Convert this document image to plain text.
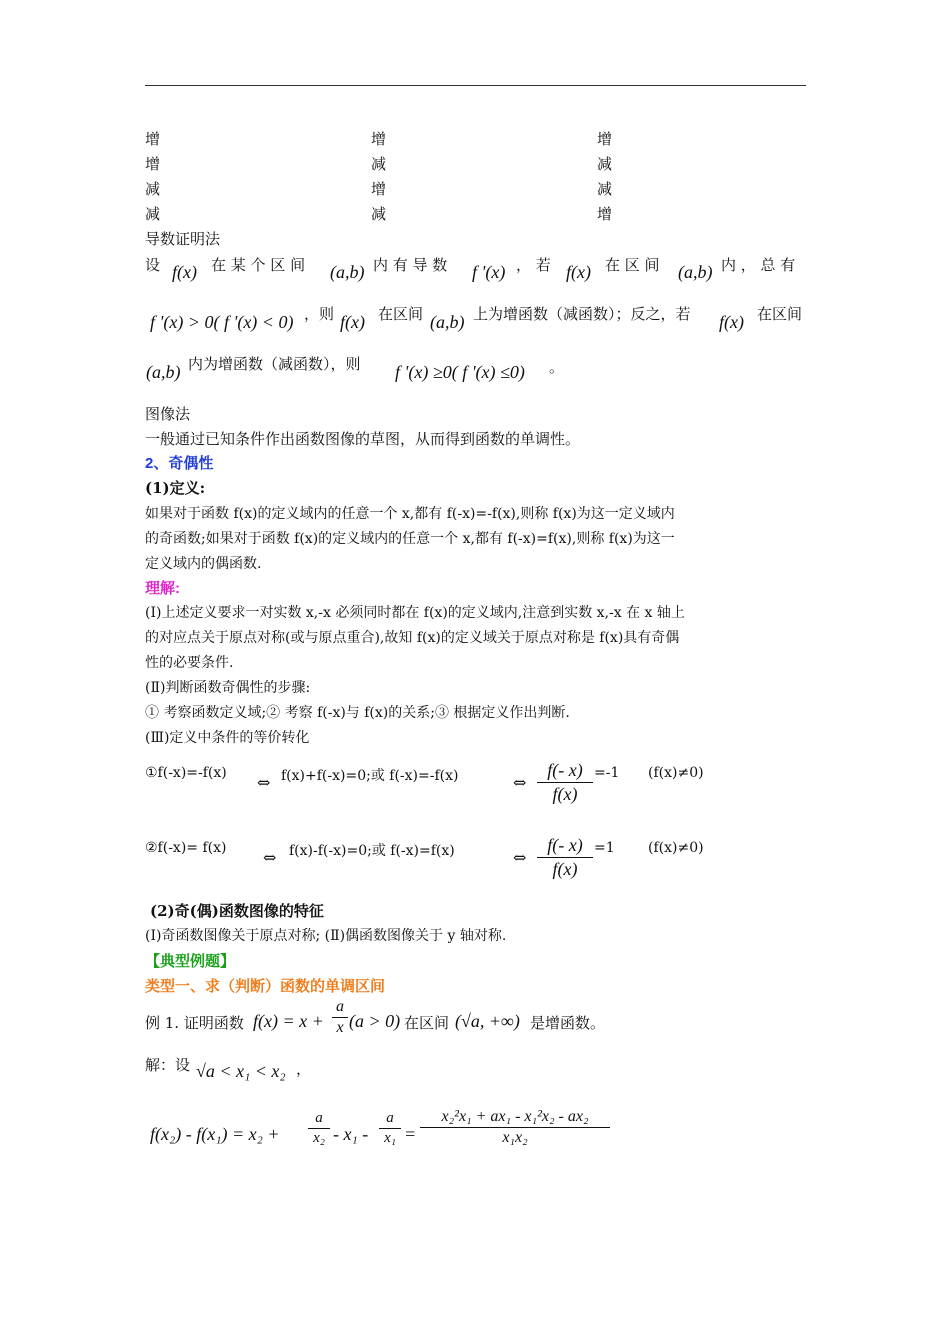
增	增	增
增	减	减
减	增	减
减	减	增
导数证明法
设 f(x) 在 某 个 区 间 (a,b) 内 有 导 数 f '(x) ， 若 f(x) 在 区 间 (a,b) 内 ， 总 有
f '(x) > 0( f '(x) < 0) ，则 f(x) 在区间 (a,b) 上为增函数（减函数）；反之，若 f(x) 在区间
(a,b) 内为增函数（减函数），则 f '(x) ≥0( f '(x) ≤0) 。
图像法
一般通过已知条件作出函数图像的草图，从而得到函数的单调性。
2、奇偶性
(1)定义:
如果对于函数 f(x)的定义域内的任意一个 x,都有 f(-x)=-f(x),则称 f(x)为这一定义域内
的奇函数;如果对于函数 f(x)的定义域内的任意一个 x,都有 f(-x)=f(x),则称 f(x)为这一
定义域内的偶函数.
理解:
(Ⅰ)上述定义要求一对实数 x,-x 必须同时都在 f(x)的定义域内,注意到实数 x,-x 在 x 轴上
的对应点关于原点对称(或与原点重合),故知 f(x)的定义域关于原点对称是 f(x)具有奇偶
性的必要条件.
(Ⅱ)判断函数奇偶性的步骤:
① 考察函数定义域;② 考察 f(-x)与 f(x)的关系;③ 根据定义作出判断.
(Ⅲ)定义中条件的等价转化
①f(-x)=-f(x) ⇔ f(x)+f(-x)=0;或 f(-x)=-f(x)	⇔
f(- x)
f(x)
=-1 (f(x)≠0)
②f(-x)= f(x) ⇔ f(x)-f(-x)=0;或 f(-x)=f(x)	⇔
f(- x)
f(x)
=1 (f(x)≠0)
(2)奇(偶)函数图像的特征
(Ⅰ)奇函数图像关于原点对称; (Ⅱ)偶函数图像关于 y 轴对称.
【典型例题】
类型一、求（判断）函数的单调区间
例 1. 证明函数 f(x) = x +
a
x (a > 0) 在区间 (√a, +∞) 是增函数。
解：设 √a < x₁ < x₂ ，
f(x₂) - f(x₁) = x₂ +
a
x₂ - x₁ -
a
x₁ =
x₂²x₁ + ax₁ - x₁²x₂ - ax₂
x₁x₂
